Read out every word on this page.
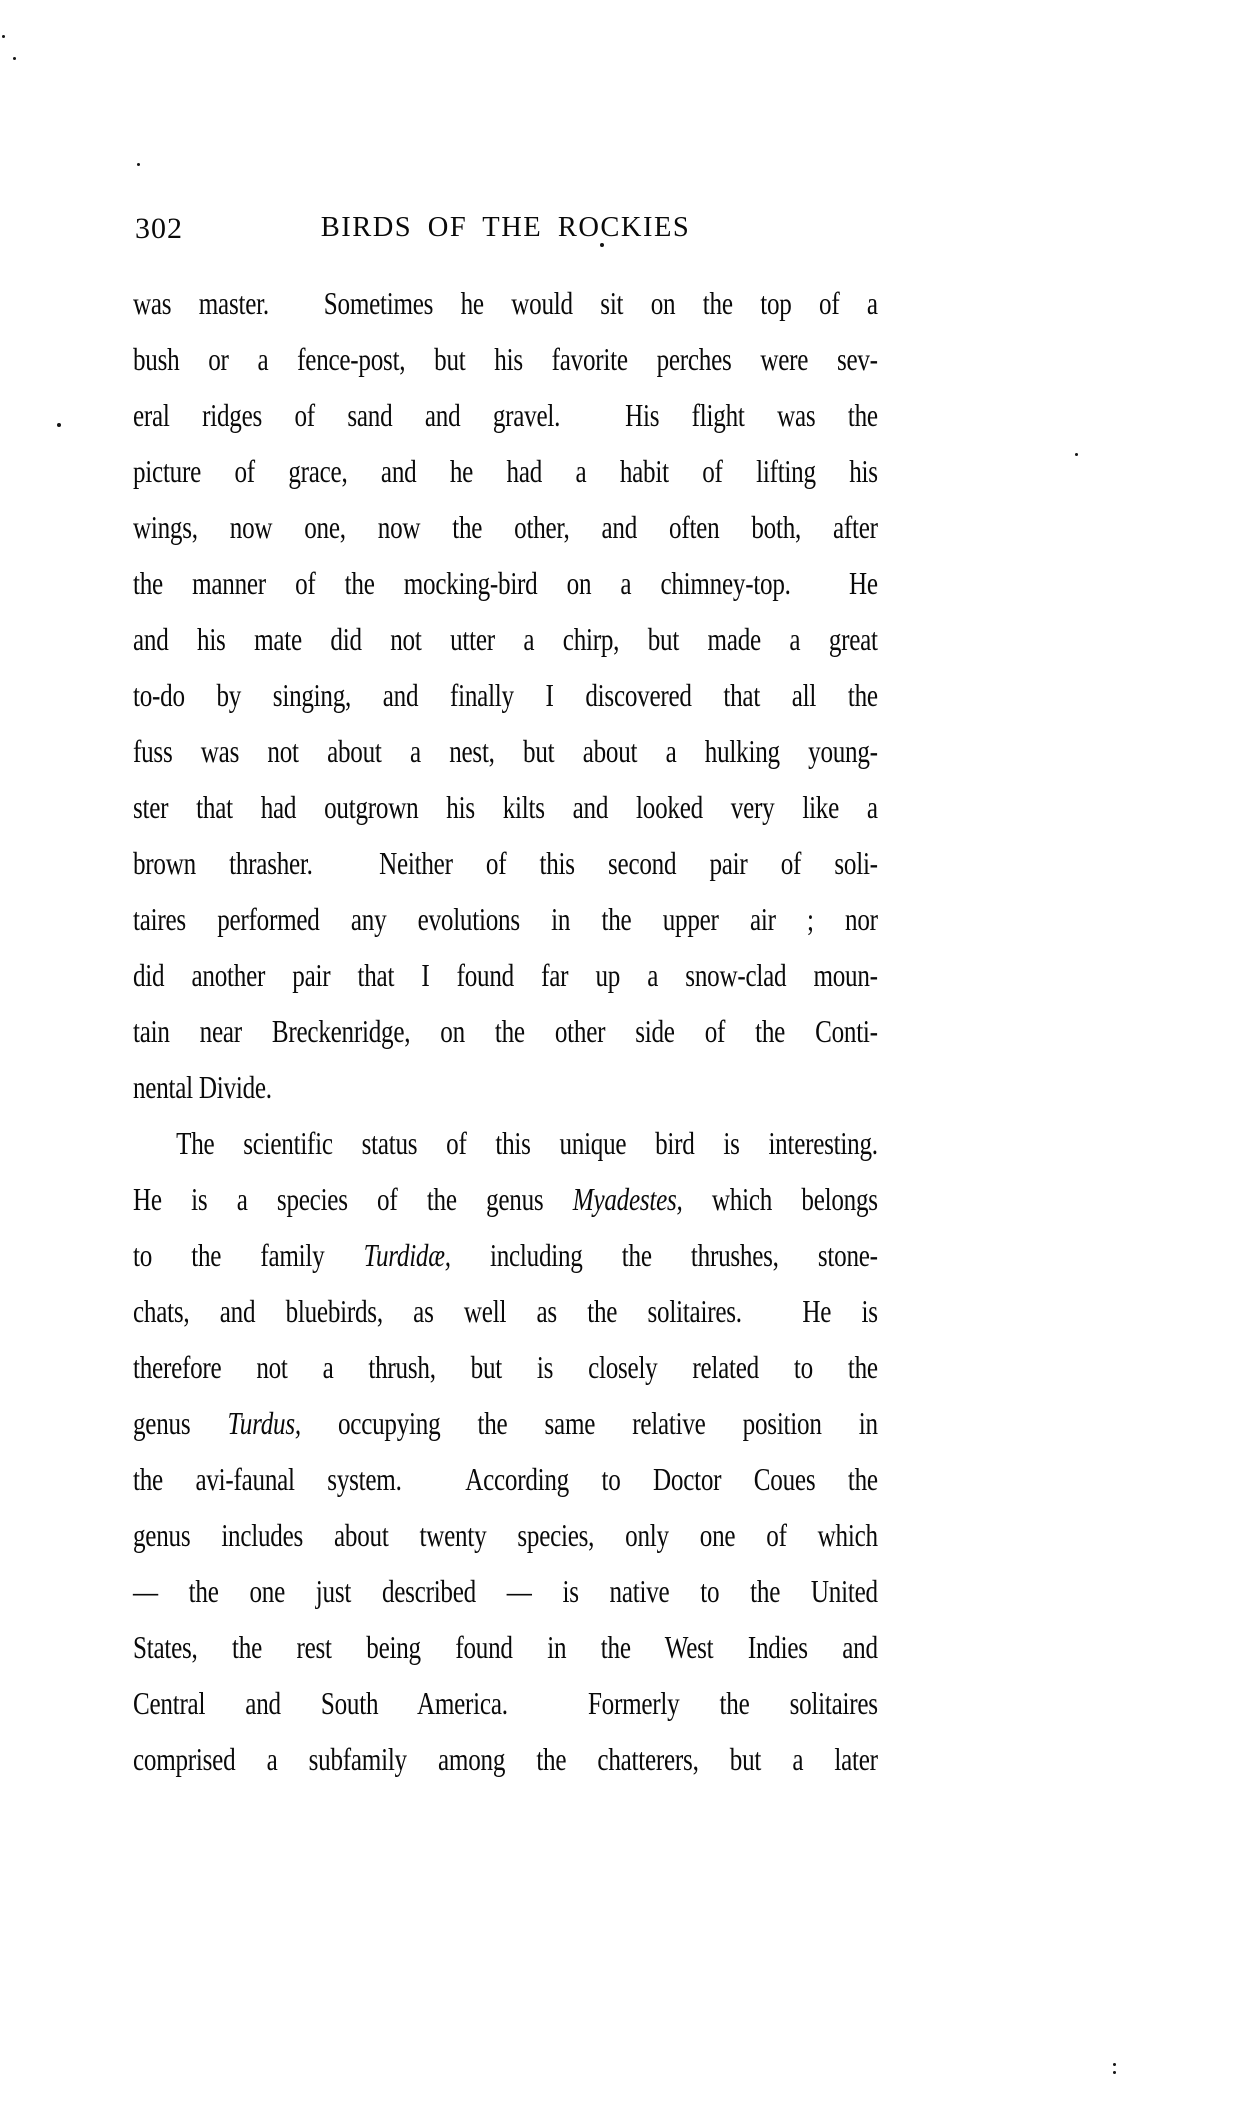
302	BIRDS OF THE ROCKIES
was master.  Sometimes he would sit on the top of a
bush or a fence-post, but his favorite perches were sev-
eral ridges of sand and gravel.  His flight was the
picture of grace, and he had a habit of lifting his
wings, now one, now the other, and often both, after
the manner of the mocking-bird on a chimney-top.  He
and his mate did not utter a chirp, but made a great
to-do by singing, and finally I discovered that all the
fuss was not about a nest, but about a hulking young-
ster that had outgrown his kilts and looked very like a
brown thrasher.  Neither of this second pair of soli-
taires performed any evolutions in the upper air ; nor
did another pair that I found far up a snow-clad moun-
tain near Breckenridge, on the other side of the Conti-
nental Divide.
The scientific status of this unique bird is interesting.
He is a species of the genus Myadestes, which belongs
to the family Turdidæ, including the thrushes, stone-
chats, and bluebirds, as well as the solitaires.  He is
therefore not a thrush, but is closely related to the
genus Turdus, occupying the same relative position in
the avi-faunal system.  According to Doctor Coues the
genus includes about twenty species, only one of which
— the one just described — is native to the United
States, the rest being found in the West Indies and
Central and South America.  Formerly the solitaires
comprised a subfamily among the chatterers, but a later
